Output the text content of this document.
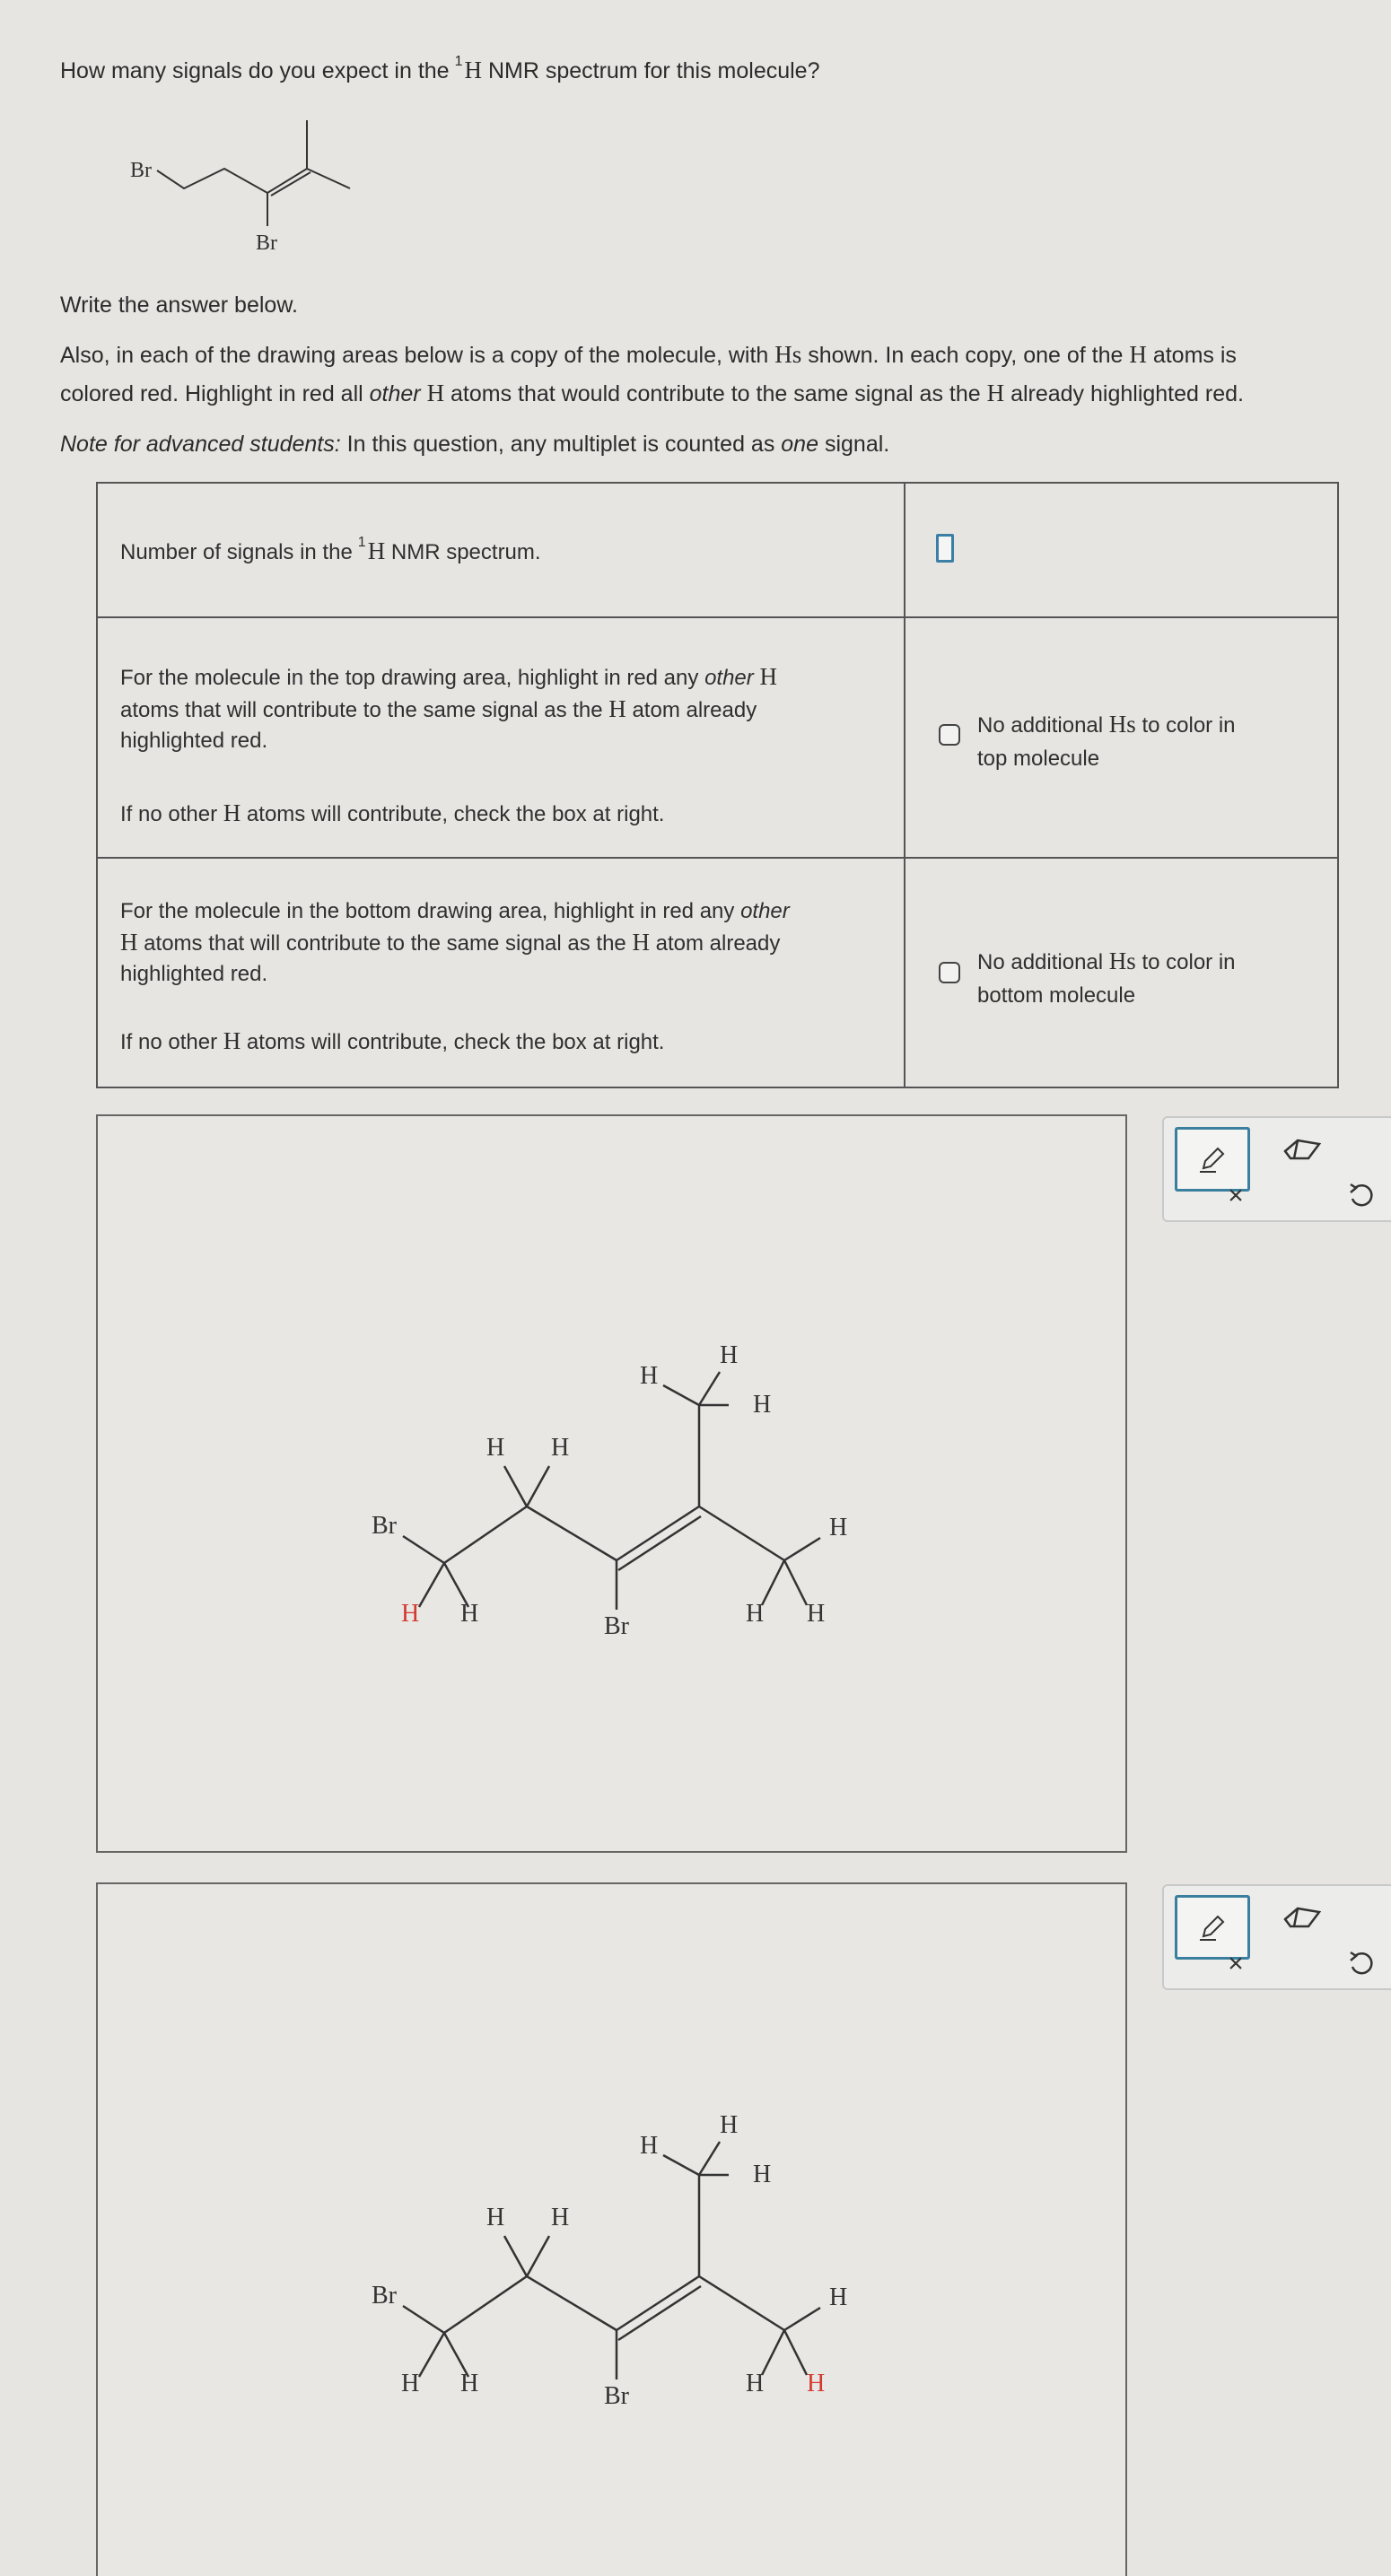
How many signals do you expect in the $^1$H NMR spectrum for this molecule?
Br
Br
Write the answer below.
Also, in each of the drawing areas below is a copy of the molecule, with Hs shown. In each copy, one of the H atoms is
colored red. Highlight in red all other H atoms that would contribute to the same signal as the H already highlighted red.
Note for advanced students: In this question, any multiplet is counted as one signal.
Number of signals in the $^1$H NMR spectrum.
For the molecule in the top drawing area, highlight in red any other H
atoms that will contribute to the same signal as the H atom already
highlighted red.
If no other H atoms will contribute, check the box at right.
No additional Hs to color in
top molecule
For the molecule in the bottom drawing area, highlight in red any other
H atoms that will contribute to the same signal as the H atom already
highlighted red.
If no other H atoms will contribute, check the box at right.
No additional Hs to color in
bottom molecule
Br
Br
H H
H H
H
H
H
H
H H
×
Br
Br
H H
H H
H
H
H
H
H H
×
